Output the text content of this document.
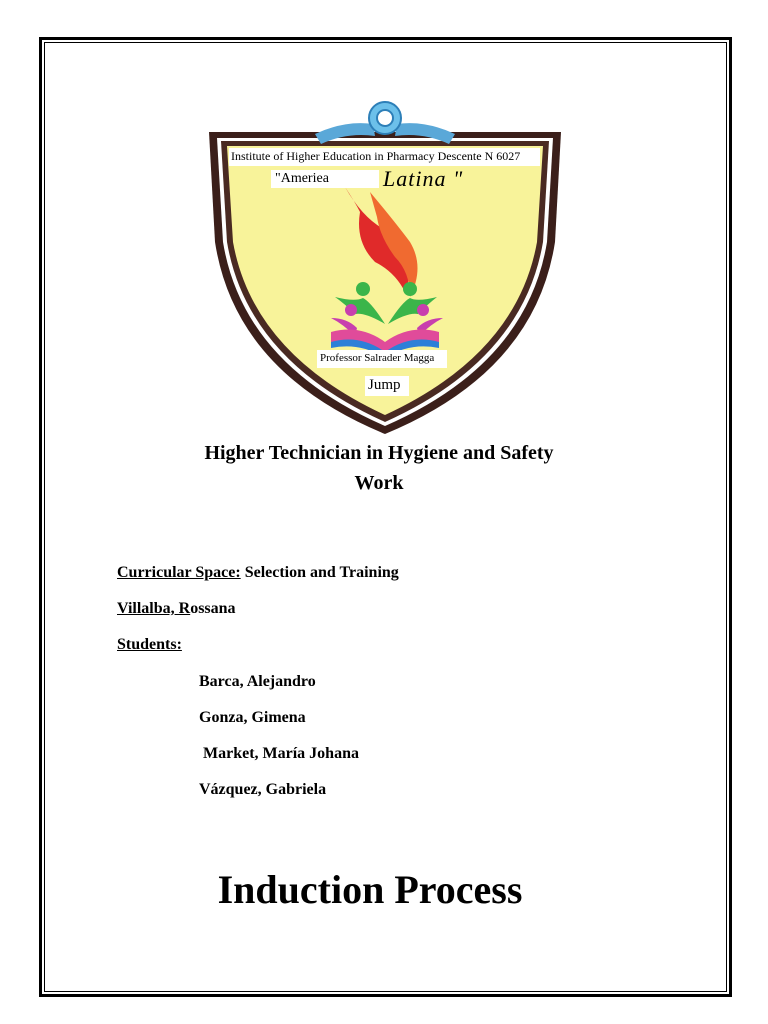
Institute of Higher Education in Pharmacy Descente N 6027
"Ameriea	Latina "
Professor Salrader Magga
Jump
Higher Technician in Hygiene and Safety
Work
Curricular Space: Selection and Training
Villalba, Rossana
Students:
Barca, Alejandro
Gonza, Gimena
Market, María Johana
Vázquez, Gabriela
Induction Process
